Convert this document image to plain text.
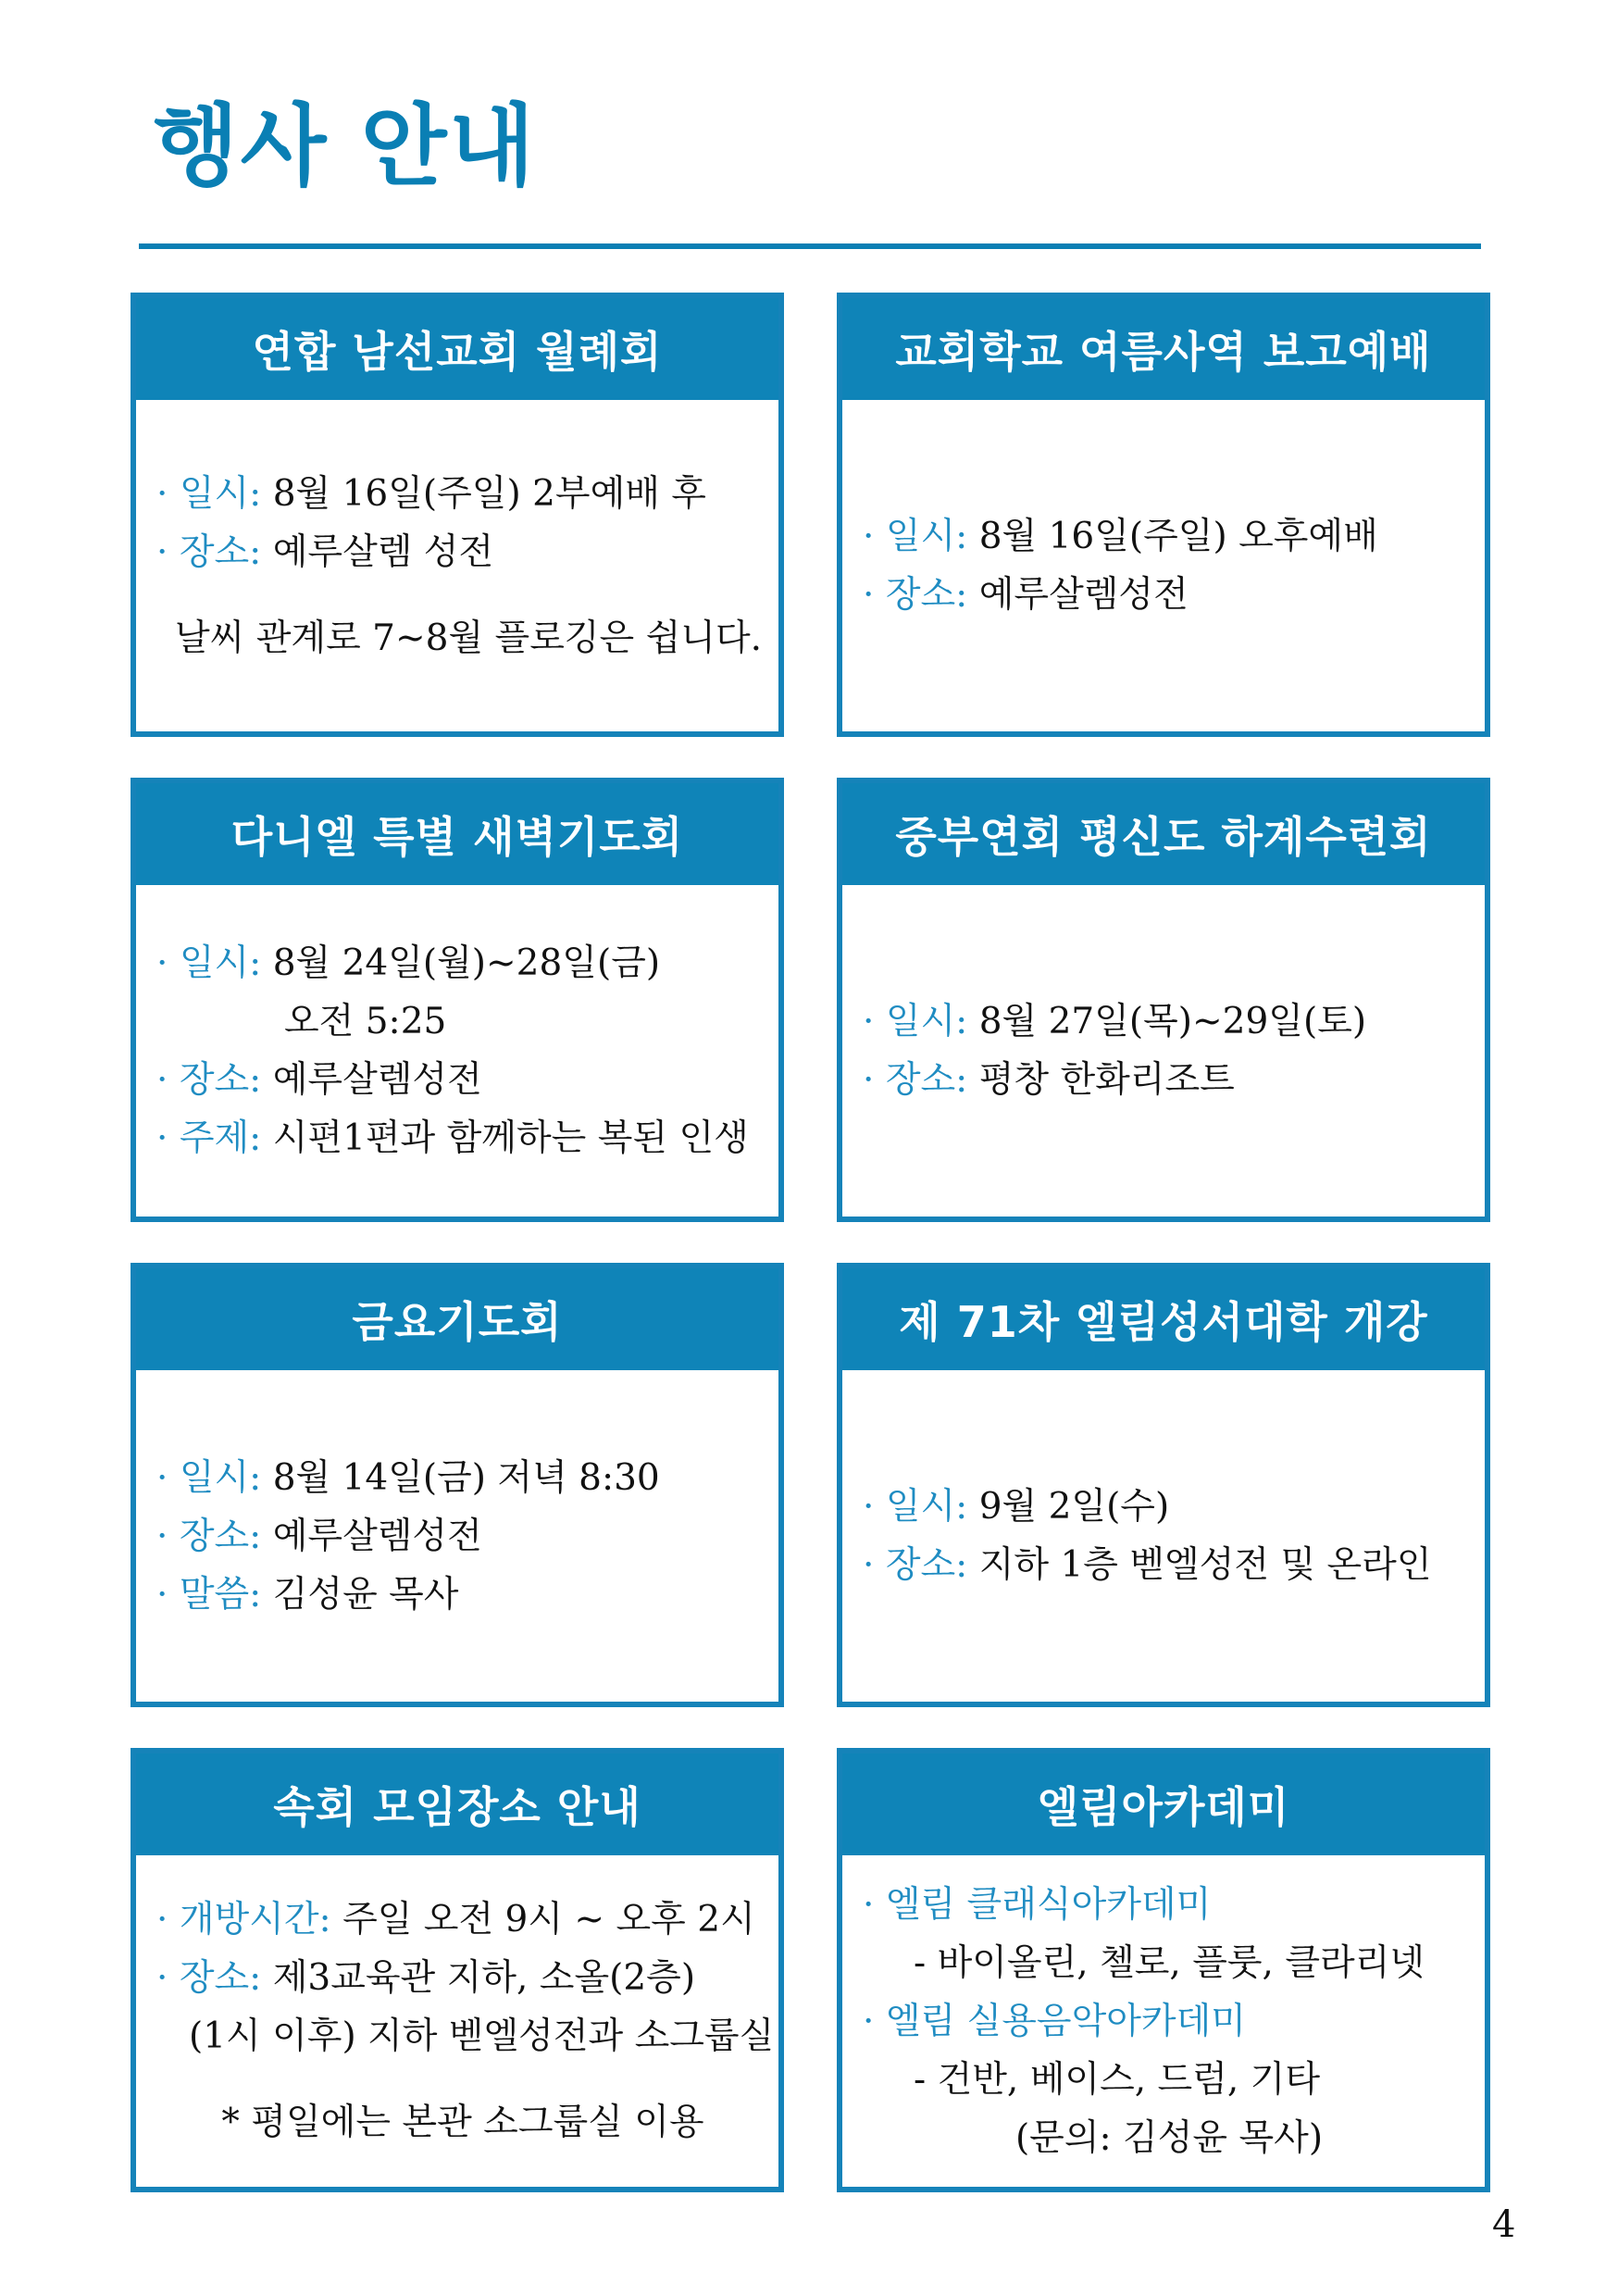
행사 안내
연합 남선교회 월례회
· 일시: 8월 16일(주일) 2부예배 후
· 장소: 예루살렘 성전
날씨 관계로 7~8월 플로깅은 쉽니다.
교회학교 여름사역 보고예배
· 일시: 8월 16일(주일) 오후예배
· 장소: 예루살렘성전
다니엘 특별 새벽기도회
· 일시: 8월 24일(월)~28일(금)
오전 5:25
· 장소: 예루살렘성전
· 주제: 시편1편과 함께하는 복된 인생
중부연회 평신도 하계수련회
· 일시: 8월 27일(목)~29일(토)
· 장소: 평창 한화리조트
금요기도회
· 일시: 8월 14일(금) 저녁 8:30
· 장소: 예루살렘성전
· 말씀: 김성윤 목사
제 71차 엘림성서대학 개강
· 일시: 9월 2일(수)
· 장소: 지하 1층 벧엘성전 및 온라인
속회 모임장소 안내
· 개방시간: 주일 오전 9시 ~ 오후 2시
· 장소: 제3교육관 지하, 소올(2층)
(1시 이후) 지하 벧엘성전과 소그룹실
* 평일에는 본관 소그룹실 이용
엘림아카데미
· 엘림 클래식아카데미
- 바이올린, 첼로, 플룻, 클라리넷
· 엘림 실용음악아카데미
- 건반, 베이스, 드럼, 기타
(문의: 김성윤 목사)
4
